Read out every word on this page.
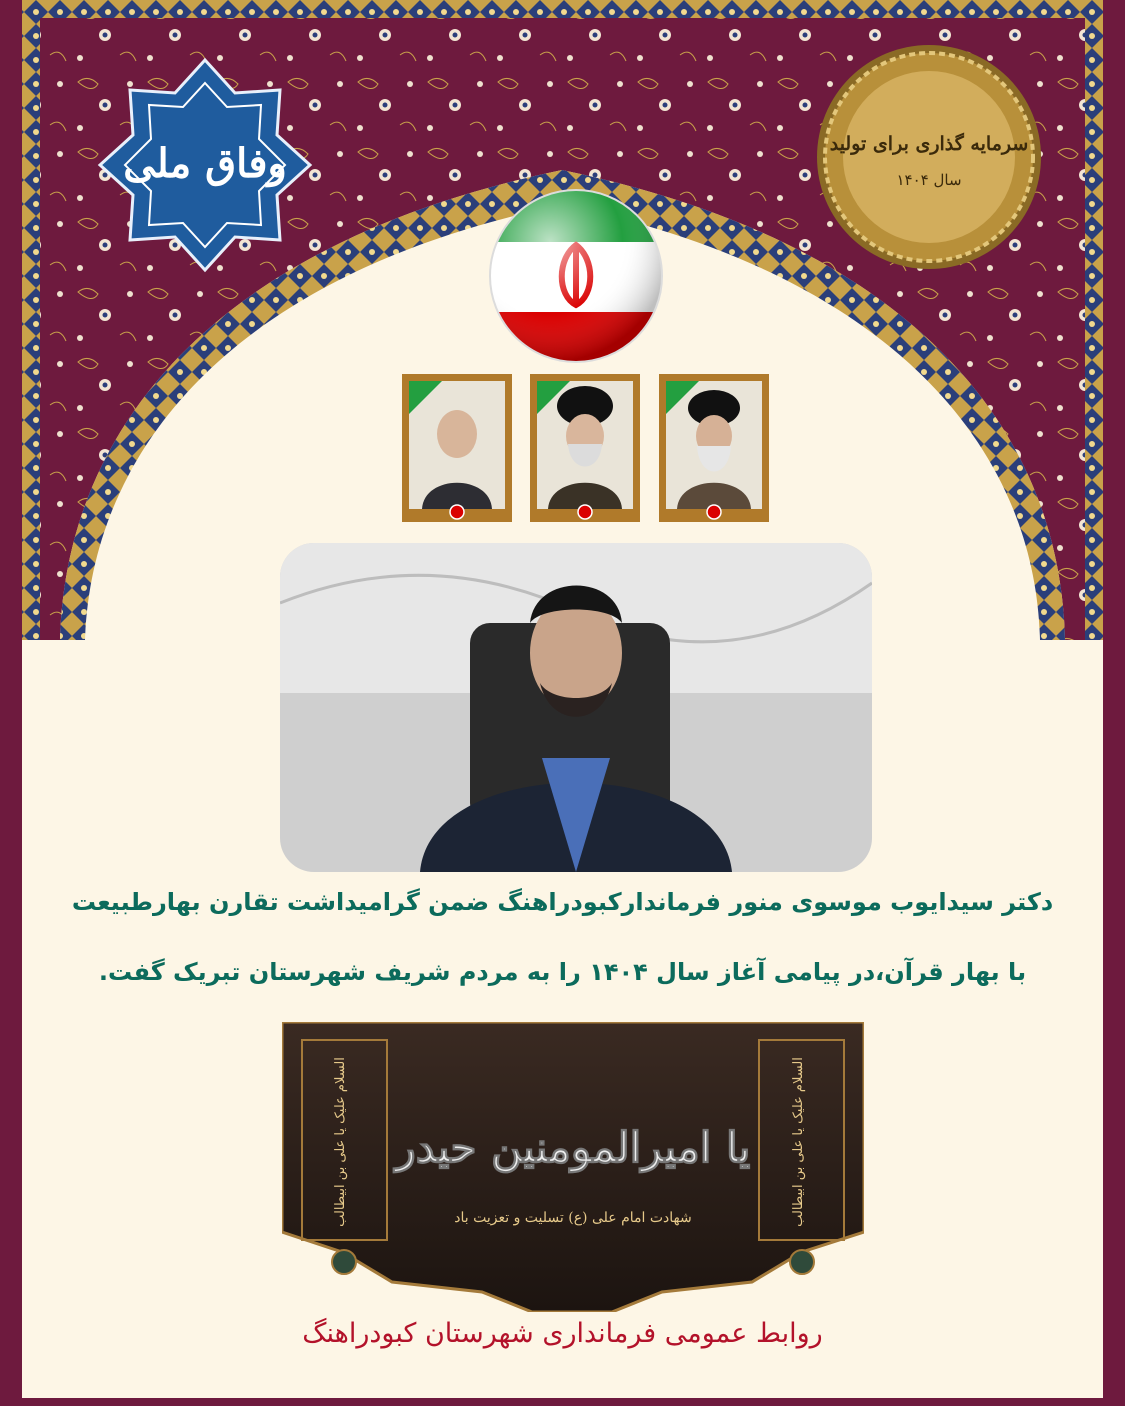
وفاق ملی	سرمایه گذاری برای تولید
سال ۱۴۰۴
دکتر سیدایوب موسوی منور فرماندارکبودراهنگ ضمن گرامیداشت تقارن بهارطبیعت
با بهار قرآن،در پیامی آغاز سال ۱۴۰۴ را به مردم شریف شهرستان تبریک گفت.
السلام علیک یا علی بن ابیطالب	السلام علیک یا علی بن ابیطالب
یا امیرالمومنین حیدر
شهادت امام علی (ع) تسلیت و تعزیت باد
روابط عمومی فرمانداری شهرستان کبودراهنگ
